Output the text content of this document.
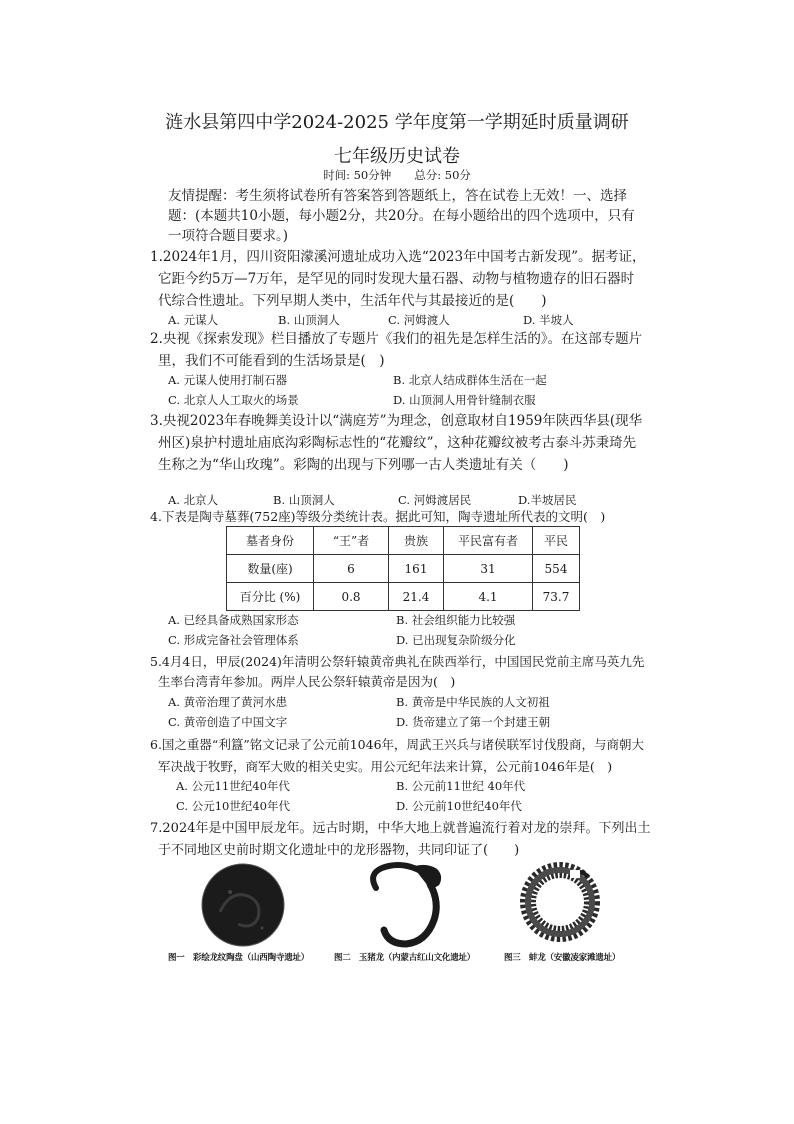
涟水县第四中学2024-2025 学年度第一学期延时质量调研
七年级历史试卷
时间: 50分钟　　总分: 50分
友情提醒：考生须将试卷所有答案答到答题纸上，答在试卷上无效！一、选择题：(本题共10小题，每小题2分，共20分。在每小题给出的四个选项中，只有一项符合题目要求。)
1.2024年1月，四川资阳濛溪河遗址成功入选“2023年中国考古新发现”。据考证，它距今约5万—7万年，是罕见的同时发现大量石器、动物与植物遗存的旧石器时代综合性遗址。下列早期人类中，生活年代与其最接近的是(　　)
A. 元谋人	B. 山顶洞人	C. 河姆渡人	D. 半坡人
2.央视《探索发现》栏目播放了专题片《我们的祖先是怎样生活的》。在这部专题片里，我们不可能看到的生活场景是(　)
A. 元谋人使用打制石器	B. 北京人结成群体生活在一起
C. 北京人人工取火的场景	D. 山顶洞人用骨针缝制衣服
3.央视2023年春晚舞美设计以“满庭芳”为理念，创意取材自1959年陕西华县(现华州区)泉护村遗址庙底沟彩陶标志性的“花瓣纹”，这种花瓣纹被考古泰斗苏秉琦先生称之为“华山玫瑰”。彩陶的出现与下列哪一古人类遗址有关（　　)
A. 北京人	B. 山顶洞人	C. 河姆渡居民	D.半坡居民
4.下表是陶寺墓葬(752座)等级分类统计表。据此可知，陶寺遗址所代表的文明(　)
墓者身份	“王”者	贵族	平民富有者	平民
数量(座)	6	161	31	554
百分比 (%)	0.8	21.4	4.1	73.7
A. 已经具备成熟国家形态	B. 社会组织能力比较强
C. 形成完备社会管理体系	D. 已出现复杂阶级分化
5.4月4日，甲辰(2024)年清明公祭轩辕黄帝典礼在陕西举行，中国国民党前主席马英九先生率台湾青年参加。两岸人民公祭轩辕黄帝是因为(　)
A. 黄帝治理了黄河水患	B. 黄帝是中华民族的人文初祖
C. 黄帝创造了中国文字	D. 货帝建立了第一个封建王朝
6.国之重器“利簋”铭文记录了公元前1046年，周武王兴兵与诸侯联军讨伐殷商，与商朝大军决战于牧野，商军大败的相关史实。用公元纪年法来计算，公元前1046年是(　)
A. 公元11世纪40年代	B. 公元前11世纪 40年代
C. 公元10世纪40年代	D. 公元前10世纪40年代
7.2024年是中国甲辰龙年。远古时期，中华大地上就普遍流行着对龙的崇拜。下列出土于不同地区史前时期文化遗址中的龙形器物，共同印证了(　　)
图一　彩绘龙纹陶盘（山西陶寺遗址）	图二　玉猪龙（内蒙古红山文化遗址）	图三　蚌龙（安徽凌家滩遗址）
